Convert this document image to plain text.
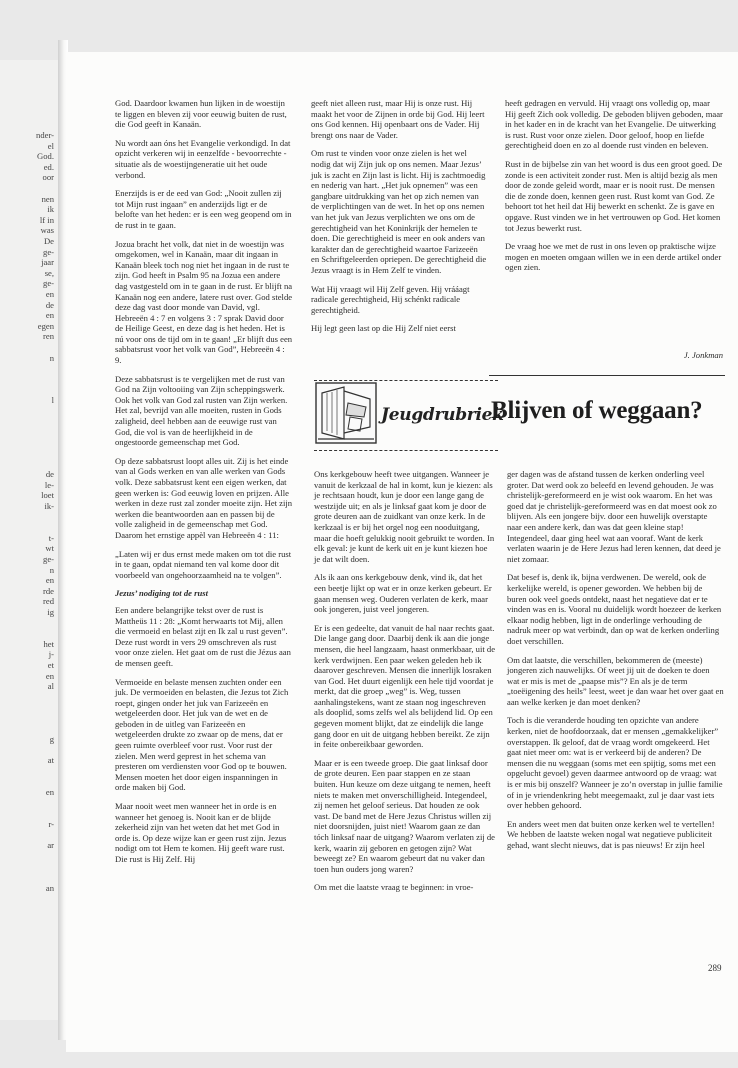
nder-
el
God.
ed.
oor
nen
ik
lf in
was
De
ge-
jaar
se,
ge-
en
de
en
egen
ren
n
l
de
le-
loet
ik-
t-
wt
ge-
n
en
rde
red
ig
het
j-
et
en
al
g
at
en
r-
ar
an

God. Daardoor kwamen hun lijken in de woestijn te liggen en bleven zij voor eeuwig buiten de rust, die God geeft in Kanaän.

Nu wordt aan óns het Evangelie verkondigd. In dat opzicht verkeren wij in eenzelfde - bevoorrechte - situatie als de woestijngeneratie uit het oude verbond.

Enerzijds is er de eed van God: „Nooit zullen zij tot Mijn rust ingaan” en anderzijds ligt er de belofte van het heden: er is een weg geopend om in de rust in te gaan.

Jozua bracht het volk, dat niet in de woestijn was omgekomen, wel in Kanaän, maar dit ingaan in Kanaän bleek toch nog niet het ingaan in de rust te zijn. God heeft in Psalm 95 na Jozua een andere dag vastgesteld om in te gaan in de rust. Er blijft na Kanaän nog een andere, latere rust over. God stelde deze dag vast door monde van David, vgl. Hebreeën 4 : 7 en volgens 3 : 7 sprak David door de Heilige Geest, en deze dag is het heden. Het is nú voor ons de tijd om in te gaan! „Er blijft dus een sabbatsrust voor het volk van God”, Hebreeën 4 : 9.

Deze sabbatsrust is te vergelijken met de rust van God na Zijn voltooiing van Zijn scheppingswerk. Ook het volk van God zal rusten van Zijn werken. Het zal, bevrijd van alle moeiten, rusten in Gods zaligheid, deel hebben aan de eeuwige rust van God, die vol is van de heerlijkheid in de ongestoorde gemeenschap met God.

Op deze sabbatsrust loopt alles uit. Zij is het einde van al Gods werken en van alle werken van Gods volk. Deze sabbatsrust kent een eigen werken, dat geen werken is: God eeuwig loven en prijzen. Alle werken in deze rust zal zonder moeite zijn. Het zijn werken die beantwoorden aan en passen bij de volle zaligheid in de gemeenschap met God. Daarom het ernstige appèl van Hebreeën 4 : 11:

„Laten wij er dus ernst mede maken om tot die rust in te gaan, opdat niemand ten val kome door dit voorbeeld van ongehoorzaamheid na te volgen”.

Jezus’ nodiging tot de rust

Een andere belangrijke tekst over de rust is Mattheüs 11 : 28: „Komt herwaarts tot Mij, allen die vermoeid en belast zijt en Ik zal u rust geven”. Deze rust wordt in vers 29 omschreven als rust voor onze zielen. Het gaat om de rust die Jézus aan de mensen geeft.

Vermoeide en belaste mensen zuchten onder een juk. De vermoeiden en belasten, die Jezus tot Zich roept, gingen onder het juk van Farizeeën en wetgeleerden door. Het juk van de wet en de geboden in de uitleg van Farizeeën en wetgeleerden drukte zo zwaar op de mens, dat er geen ruimte overbleef voor rust. Voor rust der zielen. Men werd geprest in het schema van presteren om verdiensten voor God op te bouwen. Mensen moeten het door eigen inspanningen in orde maken bij God.

Maar nooit weet men wanneer het in orde is en wanneer het genoeg is. Nooit kan er de blijde zekerheid zijn van het weten dat het met God in orde is. Op deze wijze kan er geen rust zijn. Jezus nodigt om tot Hem te komen. Hij geeft ware rust. Die rust is Hij Zelf. Hij

geeft niet alleen rust, maar Hij is onze rust. Hij maakt het voor de Zijnen in orde bij God. Hij leert ons God kennen. Hij openbaart ons de Vader. Hij brengt ons naar de Vader.

Om rust te vinden voor onze zielen is het wel nodig dat wij Zijn juk op ons nemen. Maar Jezus’ juk is zacht en Zijn last is licht. Hij is zachtmoedig en nederig van hart. „Het juk opnemen” was een gangbare uitdrukking van het op zich nemen van de verplichtingen van de wet. In het op ons nemen van het juk van Jezus verplichten we ons om de gerechtigheid van het Koninkrijk der hemelen te doen. Die gerechtigheid is meer en ook anders van karakter dan de gerechtigheid waartoe Farizeeën en Schriftgeleerden opriepen. De gerechtigheid die Jezus vraagt is in Hem Zelf te vinden.

Wat Hij vraagt wil Hij Zelf geven. Hij vrááagt radicale gerechtigheid, Hij schénkt radicale gerechtigheid.

Hij legt geen last op die Hij Zelf niet eerst

heeft gedragen en vervuld. Hij vraagt ons volledig op, maar Hij geeft Zich ook volledig. De geboden blijven geboden, maar in het kader en in de kracht van het Evangelie. De uitwerking is rust. Rust voor onze zielen. Door geloof, hoop en liefde gerechtigheid doen en zo al doende rust vinden en beleven.

Rust in de bijbelse zin van het woord is dus een groot goed. De zonde is een activiteit zonder rust. Men is altijd bezig als men door de zonde geleid wordt, maar er is nooit rust. De mensen die de zonde doen, kennen geen rust. Rust komt van God. Ze behoort tot het heil dat Hij bewerkt en schenkt. Ze is gave en opgave. Rust vinden we in het vertrouwen op God. Het komen tot Jezus bewerkt rust.

De vraag hoe we met de rust in ons leven op praktische wijze mogen en moeten omgaan willen we in een derde artikel onder ogen zien.

J. Jonkman

Jeugdrubriek
Blijven of weggaan?

Ons kerkgebouw heeft twee uitgangen. Wanneer je vanuit de kerkzaal de hal in komt, kun je kiezen: als je rechtsaan houdt, kun je door een lange gang de westzijde uit; en als je linksaf gaat kom je door de grote deuren aan de zuidkant van onze kerk. In de kerkzaal is er bij het orgel nog een nooduitgang, maar die hoeft gelukkig nooit gebruikt te worden. In elk geval: je kunt de kerk uit en je kunt kiezen hoe je dat wilt doen.

Als ik aan ons kerkgebouw denk, vind ik, dat het een beetje lijkt op wat er in onze kerken gebeurt. Er gaan mensen weg. Ouderen verlaten de kerk, maar ook jongeren, juist veel jongeren.

Er is een gedeelte, dat vanuit de hal naar rechts gaat. Die lange gang door. Daarbij denk ik aan die jonge mensen, die heel langzaam, haast onmerkbaar, uit de kerk verdwijnen. Een paar weken geleden heb ik daarover geschreven. Mensen die innerlijk losraken van God. Het duurt eigenlijk een hele tijd voordat je merkt, dat die groep „weg” is. Weg, tussen aanhalingstekens, want ze staan nog ingeschreven als dooplid, soms zelfs wel als belijdend lid. Op een gegeven moment blijkt, dat ze eindelijk die lange gang door en uit de uitgang hebben bereikt. Ze zijn in feite onbereikbaar geworden.

Maar er is een tweede groep. Die gaat linksaf door de grote deuren. Een paar stappen en ze staan buiten. Hun keuze om deze uitgang te nemen, heeft niets te maken met onverschilligheid. Integendeel, zij nemen het geloof serieus. Dat houden ze ook vast. De band met de Here Jezus Christus willen zij niet doorsnijden, juist niet! Waarom gaan ze dan tóch linksaf naar de uitgang? Waarom verlaten zij de kerk, waarin zij geboren en getogen zijn? Wat beweegt ze? En waarom gebeurt dat nu vaker dan toen hun ouders jong waren?

Om met die laatste vraag te beginnen: in vroe-

ger dagen was de afstand tussen de kerken onderling veel groter. Dat werd ook zo beleefd en levend gehouden. Je was christelijk-gereformeerd en je wist ook waarom. En het was goed dat je christelijk-gereformeerd was en dat moest ook zo blijven. Als een jongere bijv. door een huwelijk overstapte naar een andere kerk, dan was dat geen kleine stap! Integendeel, daar ging heel wat aan vooraf. Want de kerk verlaten waarin je de Here Jezus had leren kennen, dat deed je niet zomaar.

Dat besef is, denk ik, bijna verdwenen. De wereld, ook de kerkelijke wereld, is opener geworden. We hebben bij de buren ook veel goeds ontdekt, naast het negatieve dat er te vinden was en is. Vooral nu duidelijk wordt hoezeer de kerken elkaar nodig hebben, ligt in de onderlinge verhouding de nadruk meer op wat verbindt, dan op wat de kerken onderling doet verschillen.

Om dat laatste, die verschillen, bekommeren de (meeste) jongeren zich nauwelijks. Of weet jij uit de doeken te doen wat er mis is met de „paapse mis”? En als je de term „toeëigening des heils” leest, weet je dan waar het over gaat en aan welke kerken je dan moet denken?

Toch is die veranderde houding ten opzichte van andere kerken, niet de hoofdoorzaak, dat er mensen „gemakkelijker” overstappen. Ik geloof, dat de vraag wordt omgekeerd. Het gaat niet meer om: wat is er verkeerd bij de anderen? De mensen die nu weggaan (soms met een spijtig, soms met een opgelucht gevoel) geven daarmee antwoord op de vraag: wat is er mis bij onszelf? Wanneer je zo’n overstap in jullie familie of in je vriendenkring hebt meegemaakt, zul je daar vast iets over hebben gehoord.

En anders weet men dat buiten onze kerken wel te vertellen! We hebben de laatste weken nogal wat negatieve publiciteit gehad, want slecht nieuws, dat is pas nieuws! Er zijn heel

289
